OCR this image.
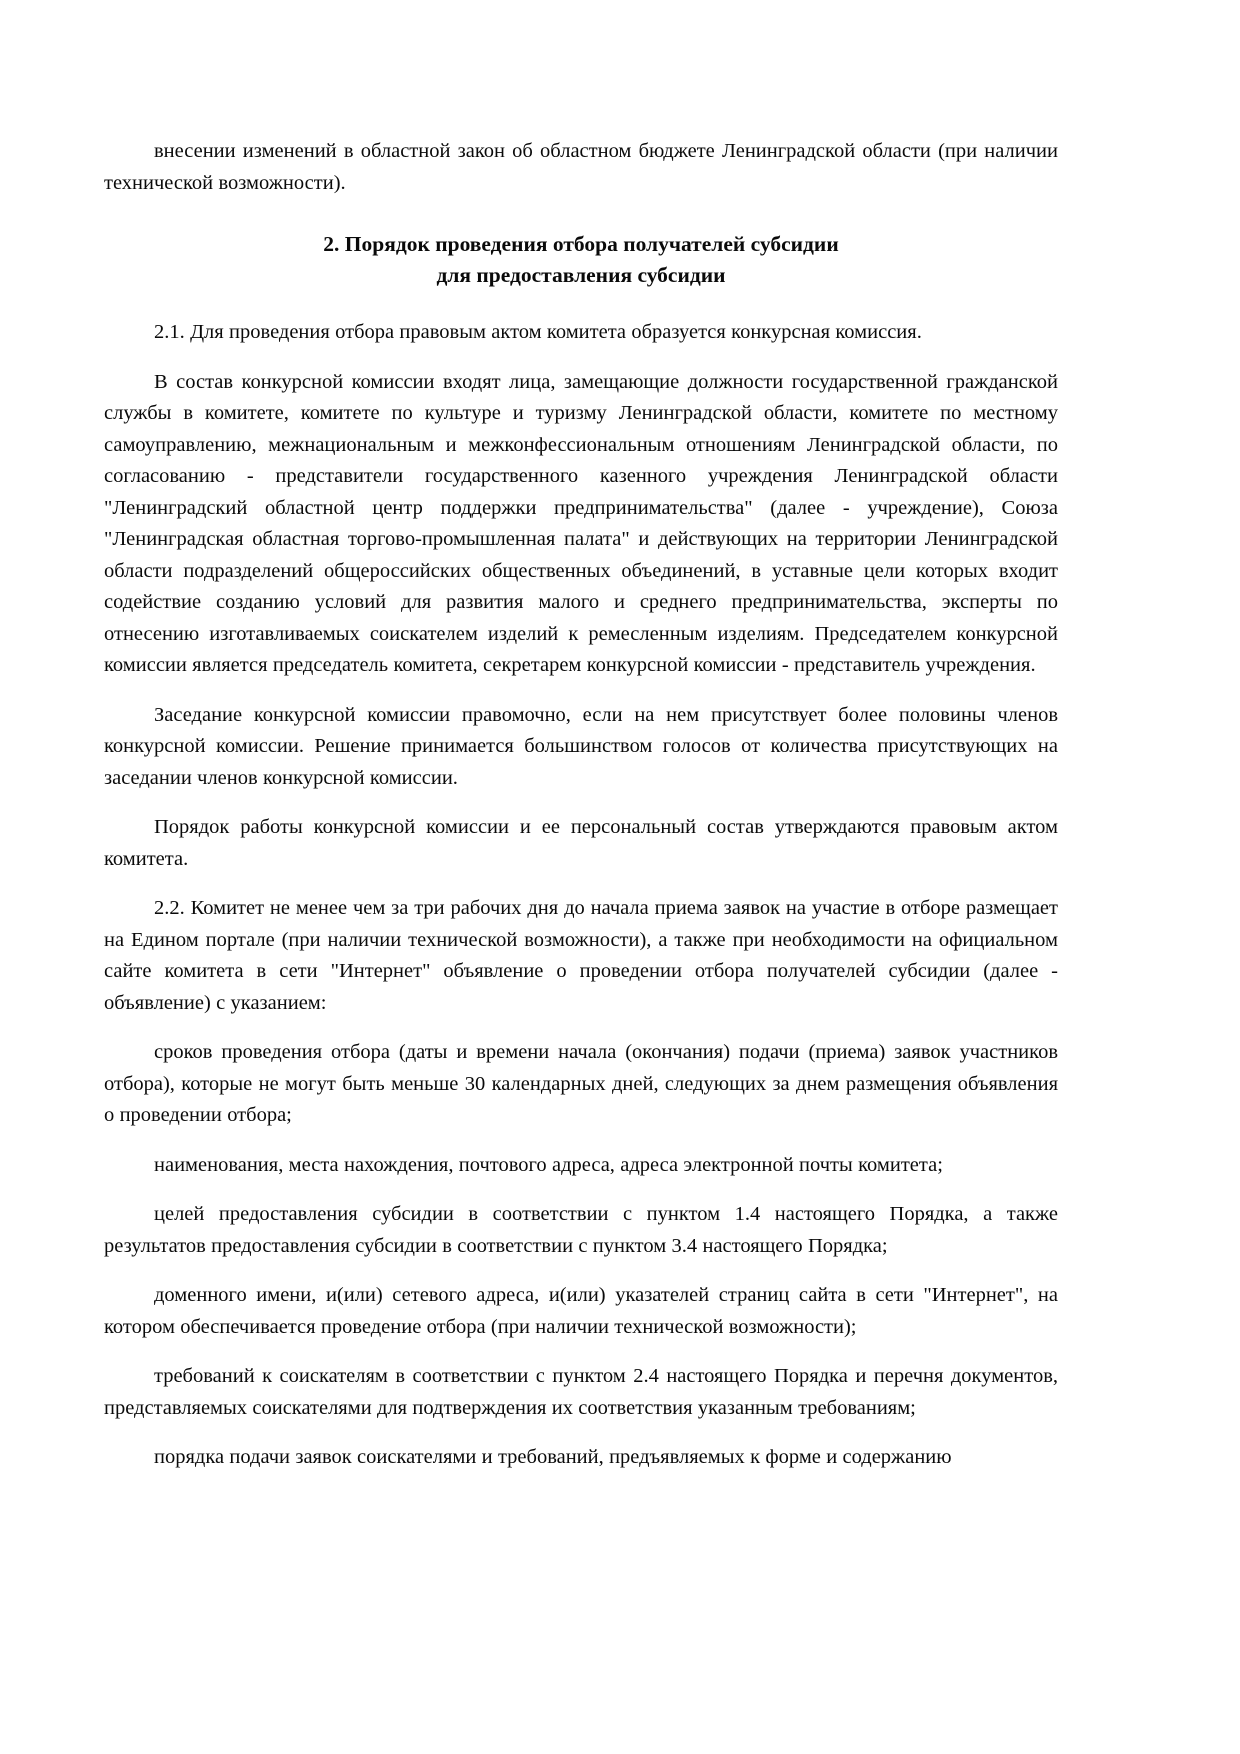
внесении изменений в областной закон об областном бюджете Ленинградской области (при наличии технической возможности).

2. Порядок проведения отбора получателей субсидии
для предоставления субсидии

2.1. Для проведения отбора правовым актом комитета образуется конкурсная комиссия.

В состав конкурсной комиссии входят лица, замещающие должности государственной гражданской службы в комитете, комитете по культуре и туризму Ленинградской области, комитете по местному самоуправлению, межнациональным и межконфессиональным отношениям Ленинградской области, по согласованию - представители государственного казенного учреждения Ленинградской области "Ленинградский областной центр поддержки предпринимательства" (далее - учреждение), Союза "Ленинградская областная торгово-промышленная палата" и действующих на территории Ленинградской области подразделений общероссийских общественных объединений, в уставные цели которых входит содействие созданию условий для развития малого и среднего предпринимательства, эксперты по отнесению изготавливаемых соискателем изделий к ремесленным изделиям. Председателем конкурсной комиссии является председатель комитета, секретарем конкурсной комиссии - представитель учреждения.

Заседание конкурсной комиссии правомочно, если на нем присутствует более половины членов конкурсной комиссии. Решение принимается большинством голосов от количества присутствующих на заседании членов конкурсной комиссии.

Порядок работы конкурсной комиссии и ее персональный состав утверждаются правовым актом комитета.

2.2. Комитет не менее чем за три рабочих дня до начала приема заявок на участие в отборе размещает на Едином портале (при наличии технической возможности), а также при необходимости на официальном сайте комитета в сети "Интернет" объявление о проведении отбора получателей субсидии (далее - объявление) с указанием:

сроков проведения отбора (даты и времени начала (окончания) подачи (приема) заявок участников отбора), которые не могут быть меньше 30 календарных дней, следующих за днем размещения объявления о проведении отбора;

наименования, места нахождения, почтового адреса, адреса электронной почты комитета;

целей предоставления субсидии в соответствии с пунктом 1.4 настоящего Порядка, а также результатов предоставления субсидии в соответствии с пунктом 3.4 настоящего Порядка;

доменного имени, и(или) сетевого адреса, и(или) указателей страниц сайта в сети "Интернет", на котором обеспечивается проведение отбора (при наличии технической возможности);

требований к соискателям в соответствии с пунктом 2.4 настоящего Порядка и перечня документов, представляемых соискателями для подтверждения их соответствия указанным требованиям;

порядка подачи заявок соискателями и требований, предъявляемых к форме и содержанию
